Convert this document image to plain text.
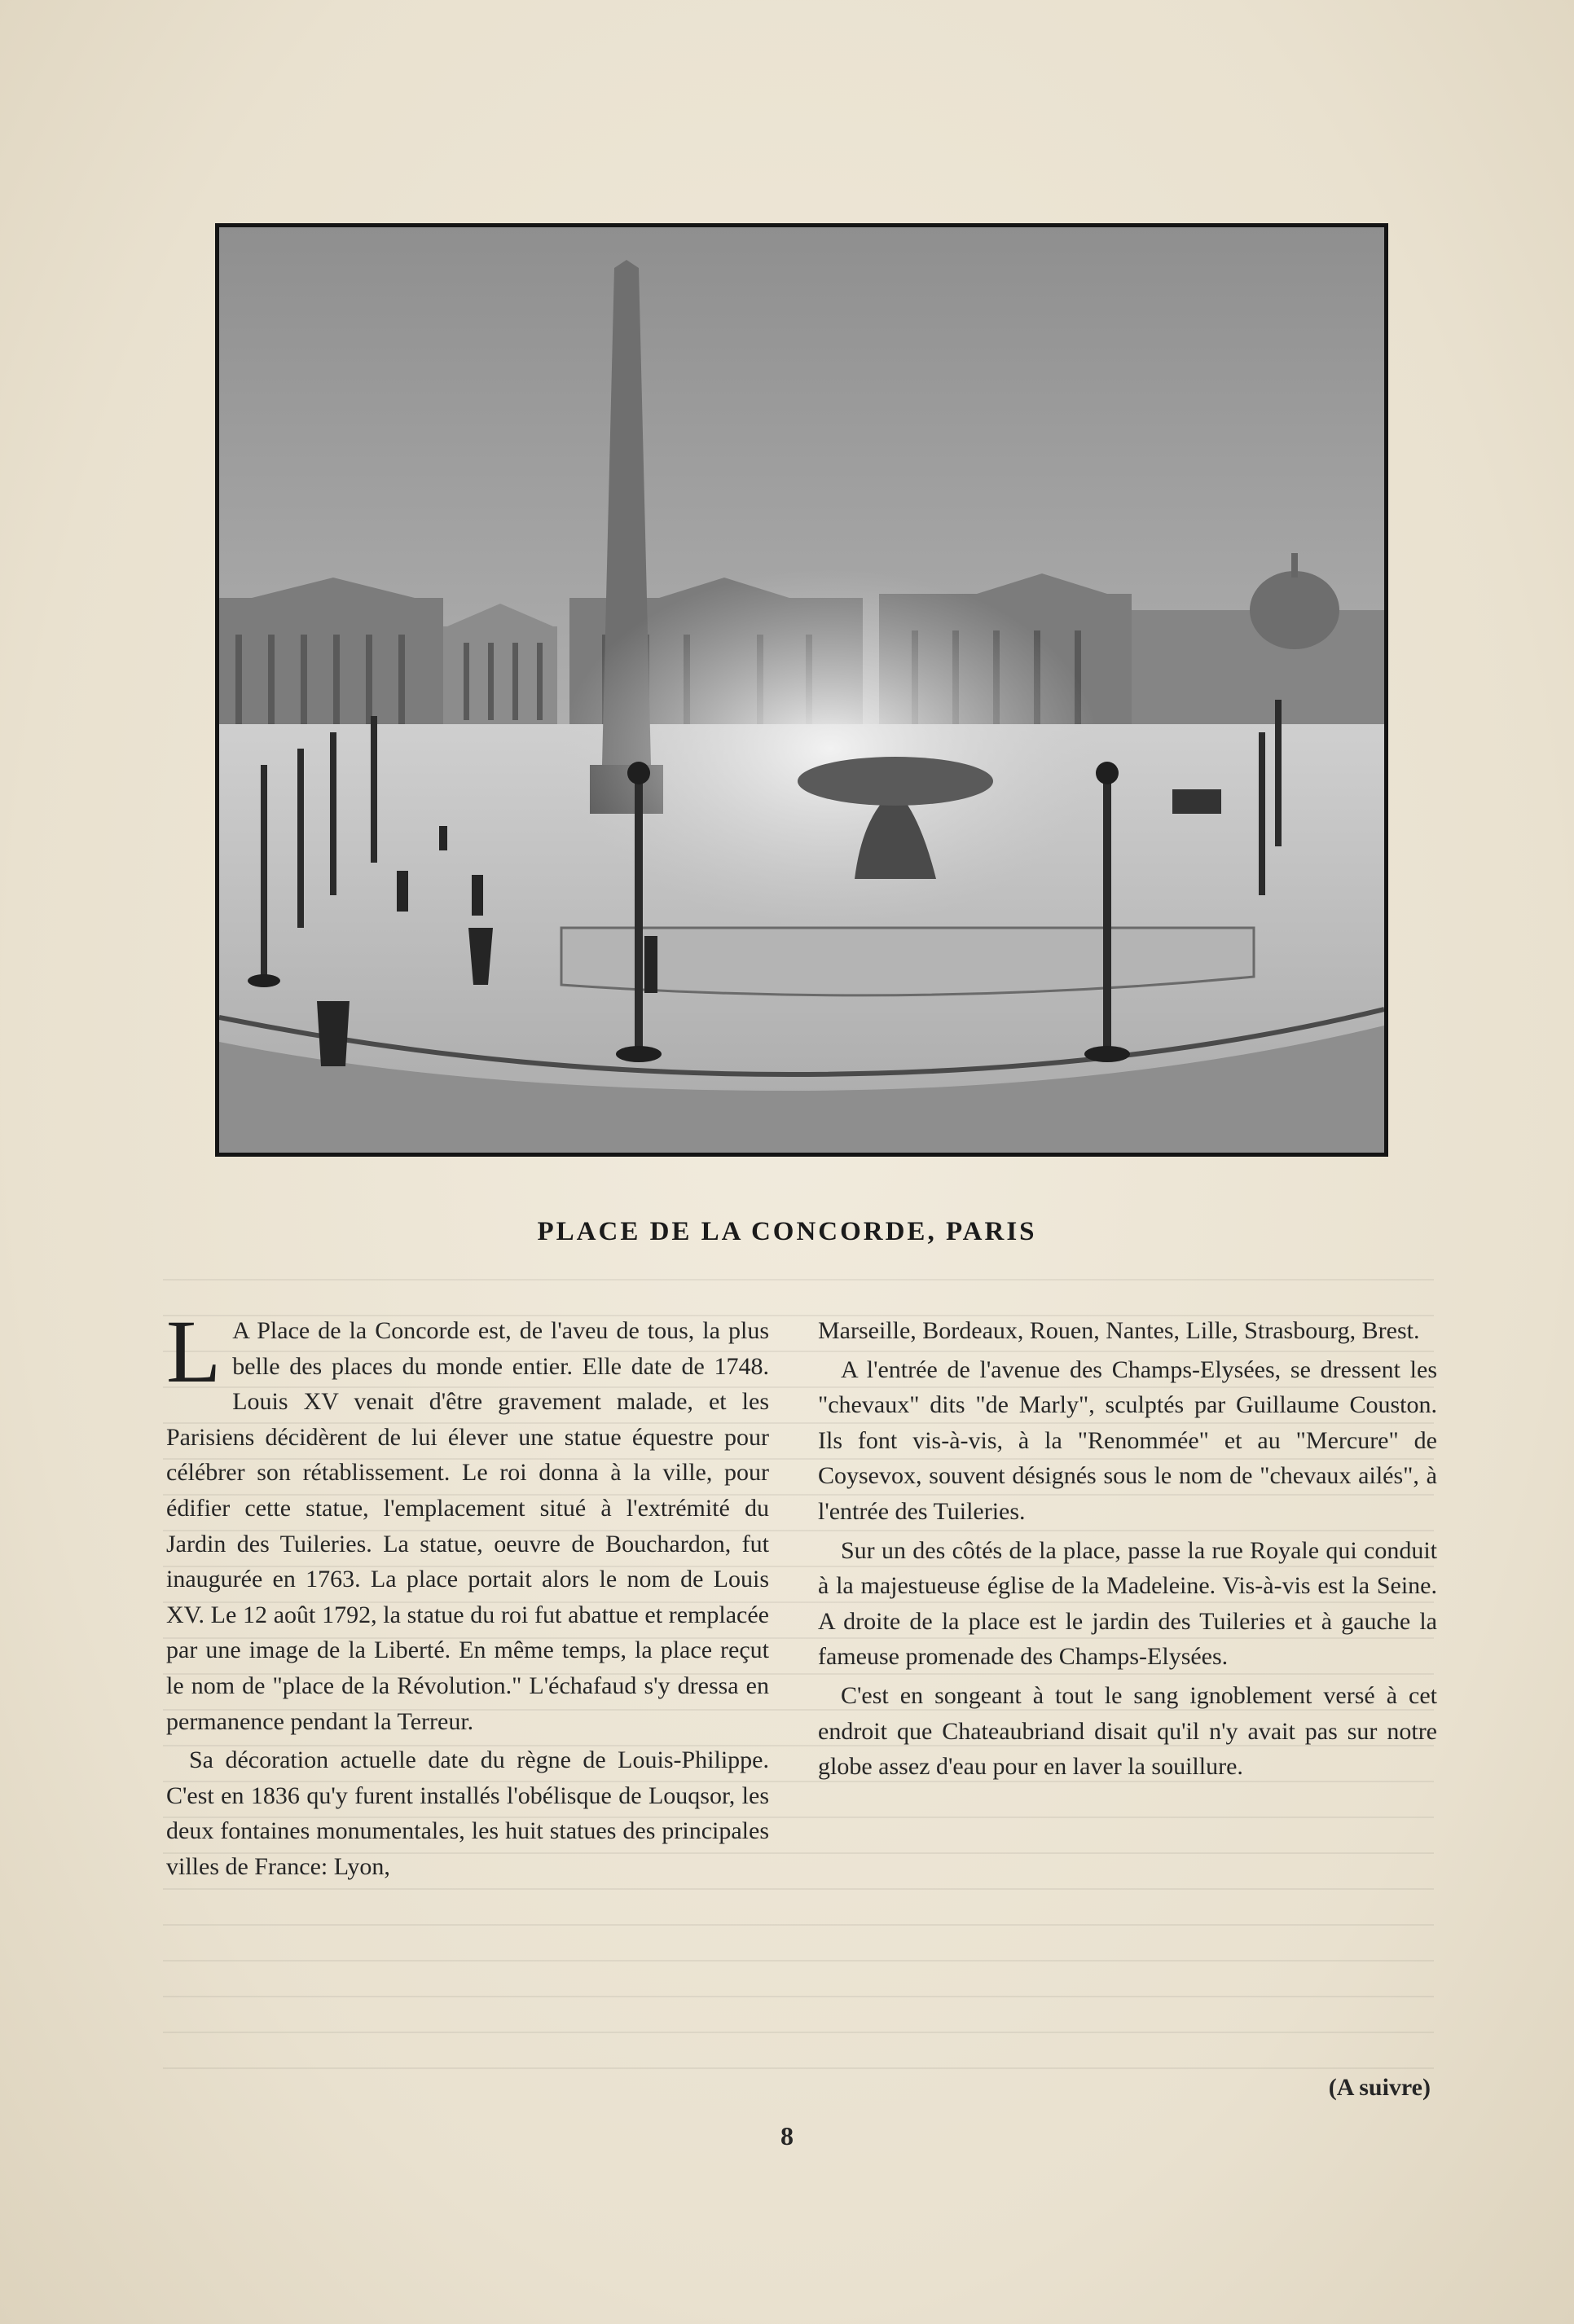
PLACE DE LA CONCORDE, PARIS

L A Place de la Concorde est, de l'aveu de tous, la plus belle des places du monde entier. Elle date de 1748. Louis XV venait d'être gravement malade, et les Parisiens décidèrent de lui élever une statue équestre pour célébrer son rétablissement. Le roi donna à la ville, pour édifier cette statue, l'emplacement situé à l'extrémité du Jardin des Tuileries. La statue, oeuvre de Bouchardon, fut inaugurée en 1763. La place portait alors le nom de Louis XV. Le 12 août 1792, la statue du roi fut abattue et remplacée par une image de la Liberté. En même temps, la place reçut le nom de "place de la Révolution." L'échafaud s'y dressa en permanence pendant la Terreur.

Sa décoration actuelle date du règne de Louis-Philippe. C'est en 1836 qu'y furent installés l'obélisque de Louqsor, les deux fontaines monumentales, les huit statues des principales villes de France: Lyon,

Marseille, Bordeaux, Rouen, Nantes, Lille, Strasbourg, Brest.

A l'entrée de l'avenue des Champs-Elysées, se dressent les "chevaux" dits "de Marly", sculptés par Guillaume Couston. Ils font vis-à-vis, à la "Renommée" et au "Mercure" de Coysevox, souvent désignés sous le nom de "chevaux ailés", à l'entrée des Tuileries.

Sur un des côtés de la place, passe la rue Royale qui conduit à la majestueuse église de la Madeleine. Vis-à-vis est la Seine. A droite de la place est le jardin des Tuileries et à gauche la fameuse promenade des Champs-Elysées.

C'est en songeant à tout le sang ignoblement versé à cet endroit que Chateaubriand disait qu'il n'y avait pas sur notre globe assez d'eau pour en laver la souillure.

(A suivre)
8
